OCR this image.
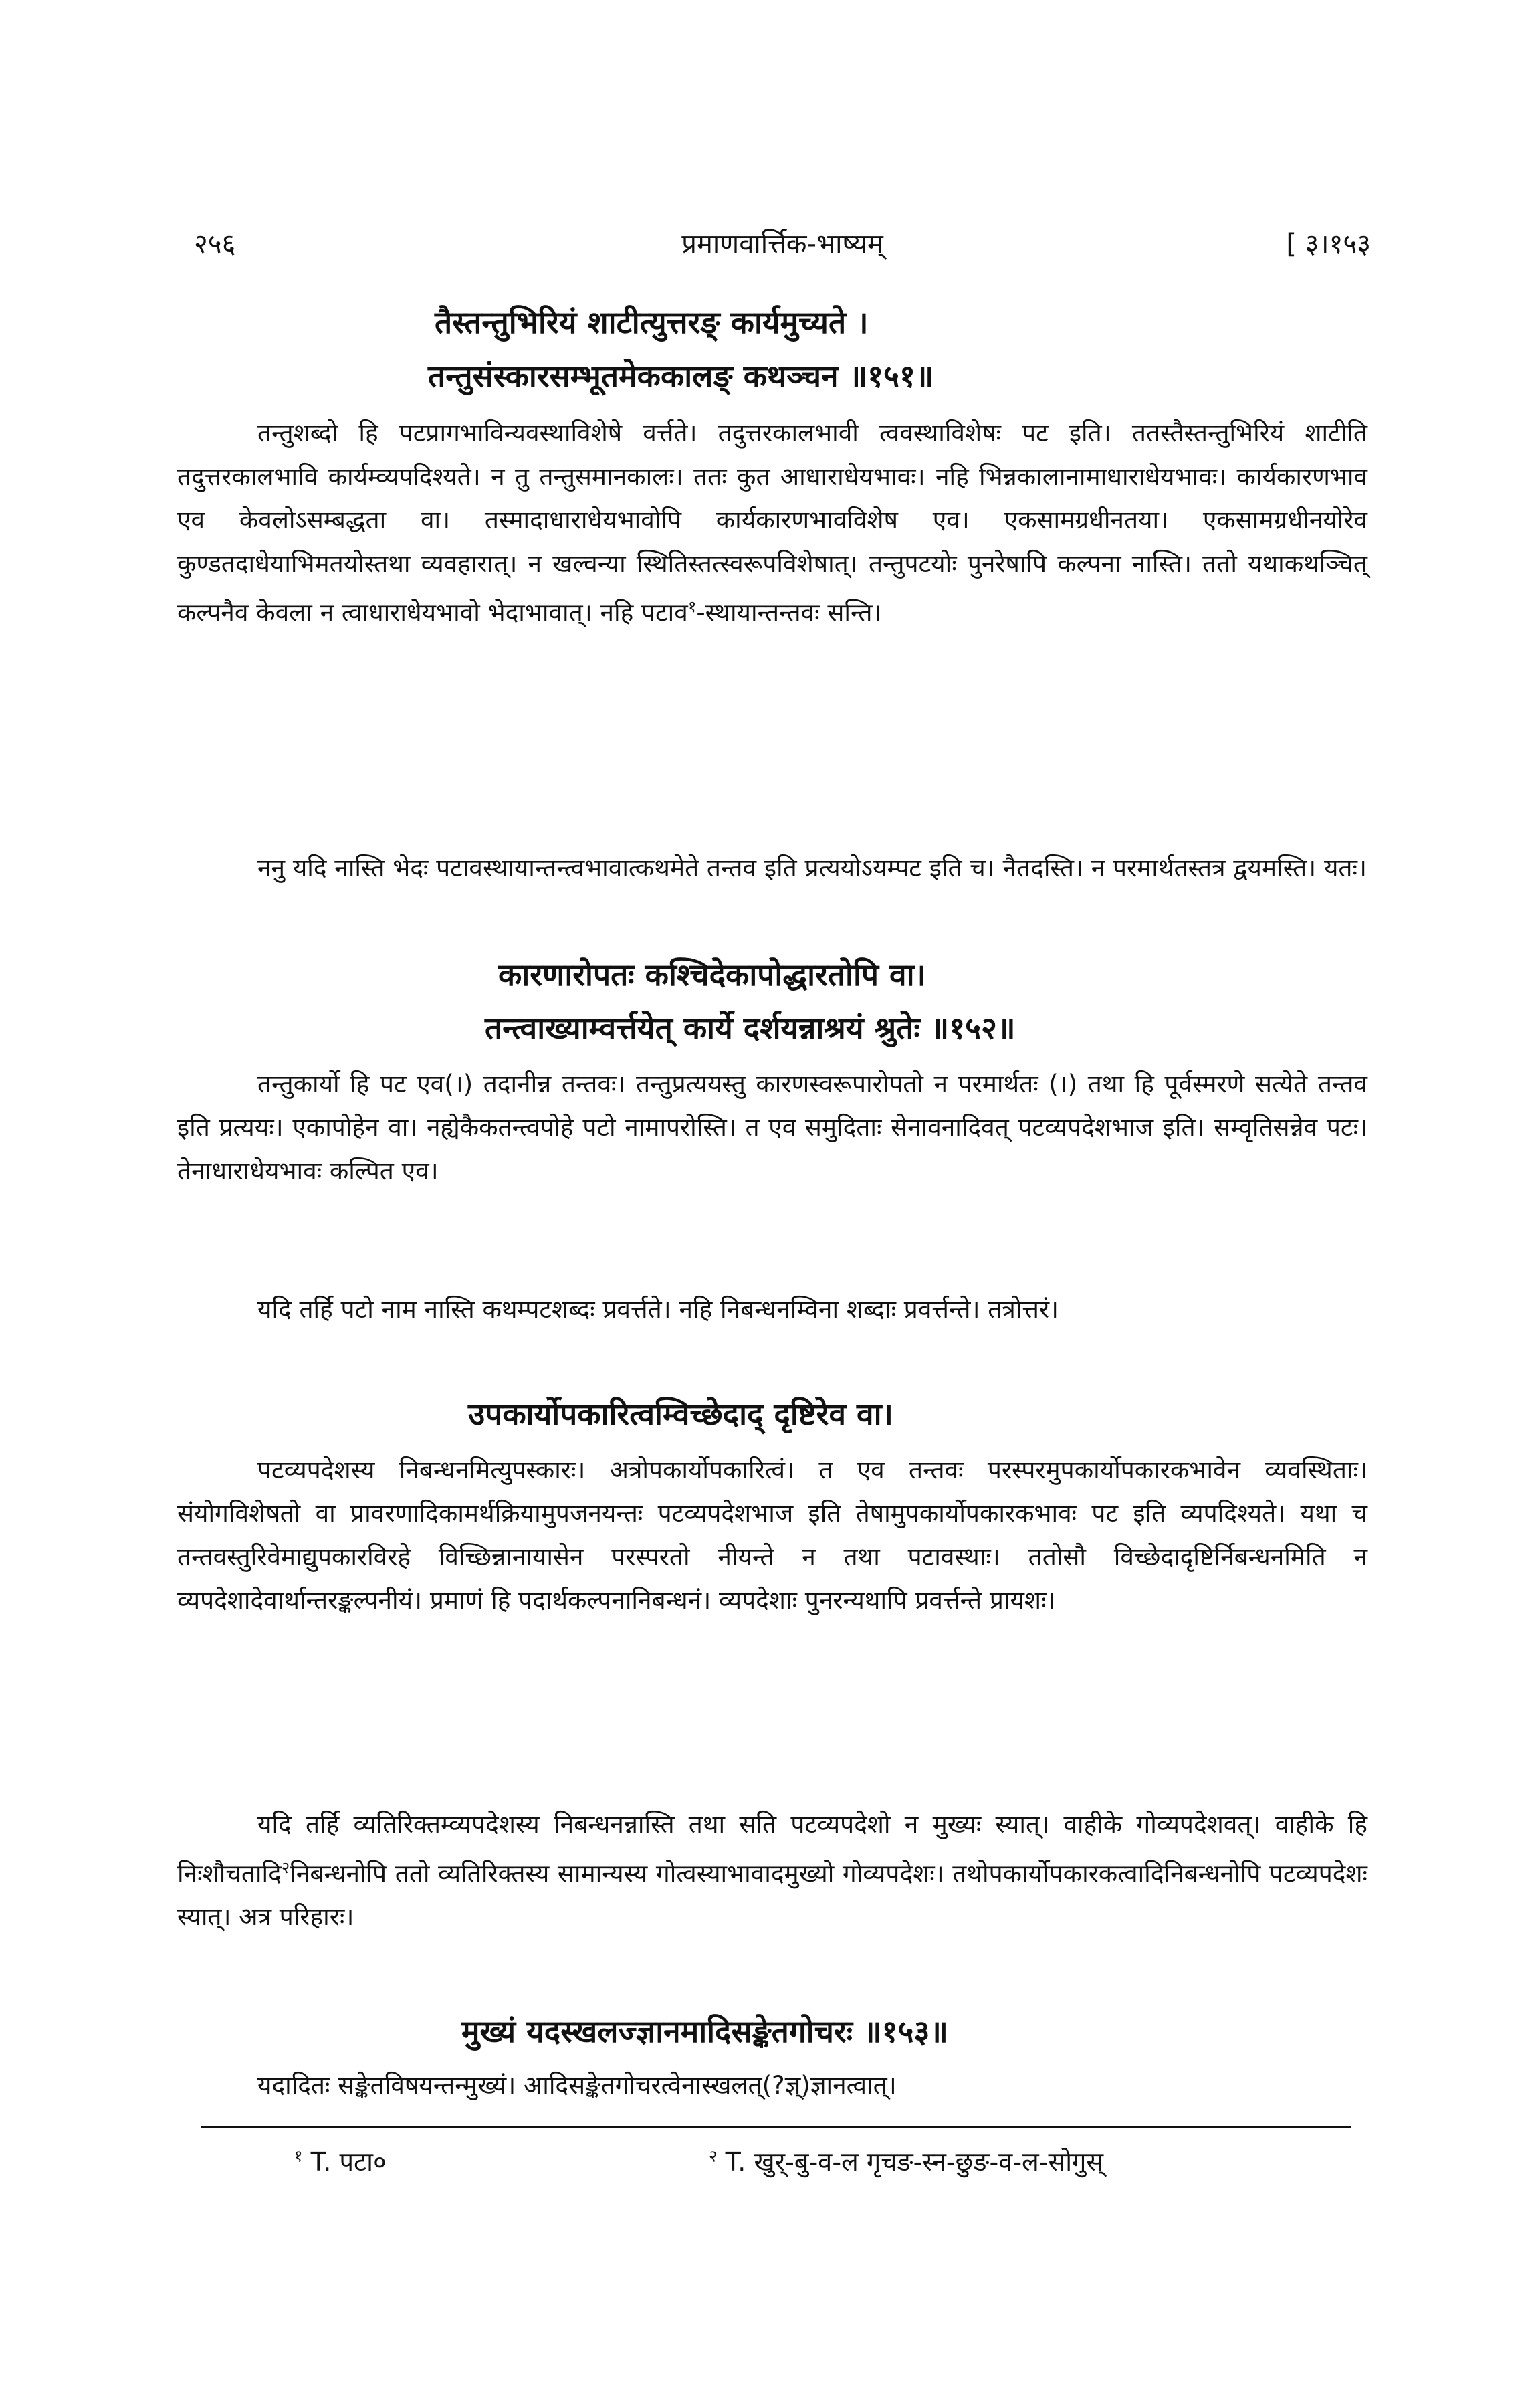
२५६	प्रमाणवार्त्तिक-भाष्यम्	[ ३।१५३
तैस्तन्तुभिरियं शाटीत्युत्तरङ् कार्यमुच्यते ।
तन्तुसंस्कारसम्भूतमेककालङ् कथञ्चन ॥१५१॥

तन्तुशब्दो हि पटप्रागभाविन्यवस्थाविशेषे वर्त्तते। तदुत्तरकालभावी त्ववस्थाविशेषः पट इति। ततस्तैस्तन्तुभिरियं शाटीति तदुत्तरकालभावि कार्यम्व्यपदिश्यते। न तु तन्तुसमानकालः। ततः कुत आधाराधेयभावः। नहि भिन्नकालानामाधाराधेयभावः। कार्यकारणभाव एव केवलोऽसम्बद्धता वा। तस्मादाधाराधेयभावोपि कार्यकारणभावविशेष एव। एकसामग्रधीनतया। एकसामग्रधीनयोरेव कुण्डतदाधेयाभिमतयोस्तथा व्यवहारात्। न खल्वन्या स्थितिस्तत्स्वरूपविशेषात्। तन्तुपटयोः पुनरेषापि कल्पना नास्ति। ततो यथाकथञ्चित् कल्पनैव केवला न त्वाधाराधेयभावो भेदाभावात्। नहि पटाव$^१$-स्थायान्तन्तवः सन्ति।

ननु यदि नास्ति भेदः पटावस्थायान्तन्त्वभावात्कथमेते तन्तव इति प्रत्ययोऽयम्पट इति च। नैतदस्ति। न परमार्थतस्तत्र द्वयमस्ति। यतः।

कारणारोपतः कश्चिदेकापोद्धारतोपि वा।
तन्त्वाख्याम्वर्त्तयेत् कार्ये दर्शयन्नाश्रयं श्रुतेः ॥१५२॥

तन्तुकार्यो हि पट एव(।) तदानीन्न तन्तवः। तन्तुप्रत्ययस्तु कारणस्वरूपारोपतो न परमार्थतः (।) तथा हि पूर्वस्मरणे सत्येते तन्तव इति प्रत्ययः। एकापोहेन वा। नह्येकैकतन्त्वपोहे पटो नामापरोस्ति। त एव समुदिताः सेनावनादिवत् पटव्यपदेशभाज इति। सम्वृतिसन्नेव पटः। तेनाधाराधेयभावः कल्पित एव।

यदि तर्हि पटो नाम नास्ति कथम्पटशब्दः प्रवर्त्तते। नहि निबन्धनम्विना शब्दाः प्रवर्त्तन्ते। तत्रोत्तरं।

उपकार्योपकारित्वम्विच्छेदाद् दृष्टिरेव वा।

पटव्यपदेशस्य निबन्धनमित्युपस्कारः। अत्रोपकार्योपकारित्वं। त एव तन्तवः परस्परमुपकार्योपकारकभावेन व्यवस्थिताः। संयोगविशेषतो वा प्रावरणादिकामर्थक्रियामुपजनयन्तः पटव्यपदेशभाज इति तेषामुपकार्योपकारकभावः पट इति व्यपदिश्यते। यथा च तन्तवस्तुरिवेमाद्युपकारविरहे विच्छिन्नानायासेन परस्परतो नीयन्ते न तथा पटावस्थाः। ततोसौ विच्छेदादृष्टिर्निबन्धनमिति न व्यपदेशादेवार्थान्तरङ्कल्पनीयं। प्रमाणं हि पदार्थकल्पनानिबन्धनं। व्यपदेशाः पुनरन्यथापि प्रवर्त्तन्ते प्रायशः।

यदि तर्हि व्यतिरिक्तम्व्यपदेशस्य निबन्धनन्नास्ति तथा सति पटव्यपदेशो न मुख्यः स्यात्। वाहीके गोव्यपदेशवत्। वाहीके हि निःशौचतादि$^२$निबन्धनोपि ततो व्यतिरिक्तस्य सामान्यस्य गोत्वस्याभावादमुख्यो गोव्यपदेशः। तथोपकार्योपकारकत्वादिनिबन्धनोपि पटव्यपदेशः स्यात्। अत्र परिहारः।

मुख्यं यदस्खलज्ज्ञानमादिसङ्केतगोचरः ॥१५३॥

यदादितः सङ्केतविषयन्तन्मुख्यं। आदिसङ्केतगोचरत्वेनास्खलत्(?ज्ञ्)ज्ञानत्वात्।

$^१$ T. पटा०	$^२$ T. खुर्-बु-व-ल गृचङ-स्न-छुङ-व-ल-सोगुस्
